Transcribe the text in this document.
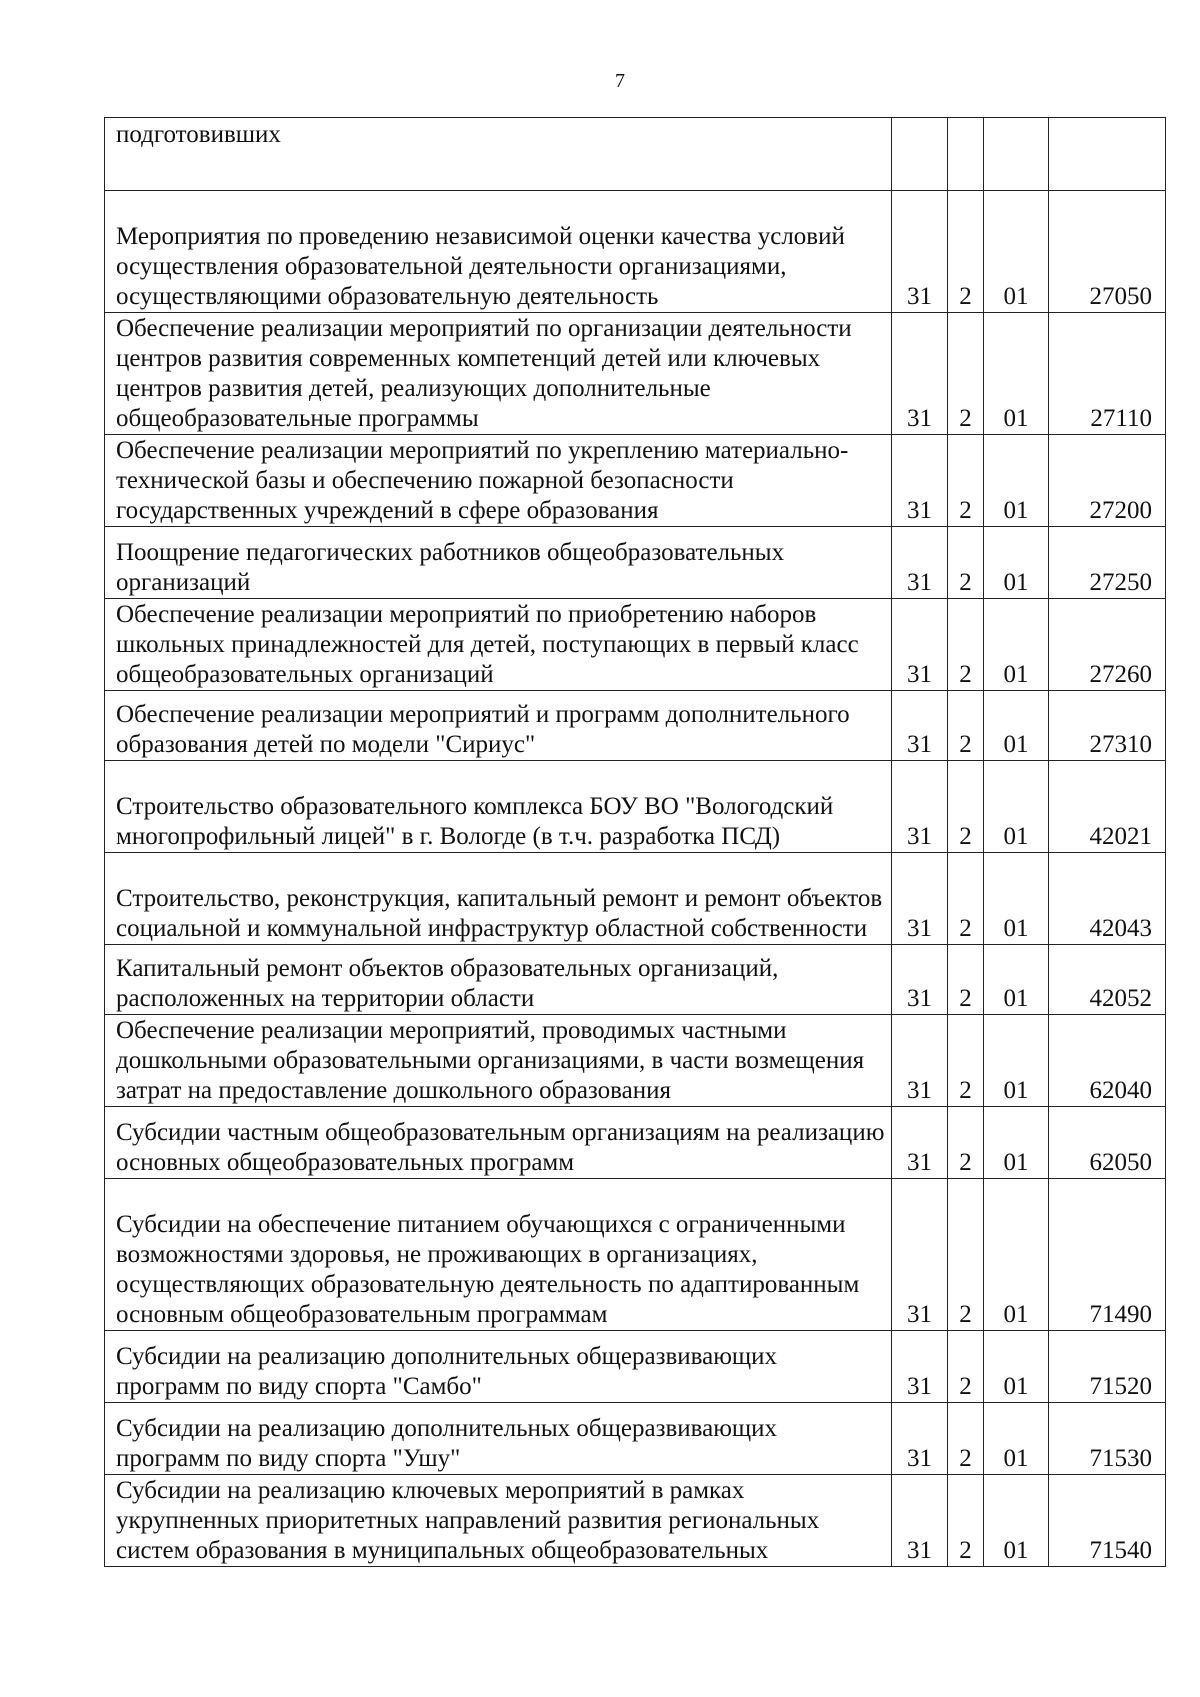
7
подготовивших				
Мероприятия по проведению независимой оценки качества условий осуществления образовательной деятельности организациями, осуществляющими образовательную деятельность	31	2	01	27050
Обеспечение реализации мероприятий по организации деятельности центров развития современных компетенций детей или ключевых центров развития детей, реализующих дополнительные общеобразовательные программы	31	2	01	27110
Обеспечение реализации мероприятий по укреплению материально-технической базы и обеспечению пожарной безопасности государственных учреждений в сфере образования	31	2	01	27200
Поощрение педагогических работников общеобразовательных организаций	31	2	01	27250
Обеспечение реализации мероприятий по приобретению наборов школьных принадлежностей для детей, поступающих в первый класс общеобразовательных организаций	31	2	01	27260
Обеспечение реализации мероприятий и программ дополнительного образования детей по модели "Сириус"	31	2	01	27310
Строительство образовательного комплекса БОУ ВО "Вологодский многопрофильный лицей" в г. Вологде (в т.ч. разработка ПСД)	31	2	01	42021
Строительство, реконструкция, капитальный ремонт и ремонт объектов социальной и коммунальной инфраструктур областной собственности	31	2	01	42043
Капитальный ремонт объектов образовательных организаций, расположенных на территории области	31	2	01	42052
Обеспечение реализации мероприятий, проводимых частными дошкольными образовательными организациями, в части возмещения затрат на предоставление дошкольного образования	31	2	01	62040
Субсидии частным общеобразовательным организациям на реализацию основных общеобразовательных программ	31	2	01	62050
Субсидии на обеспечение питанием обучающихся с ограниченными возможностями здоровья, не проживающих в организациях, осуществляющих образовательную деятельность по адаптированным основным общеобразовательным программам	31	2	01	71490
Субсидии на реализацию дополнительных общеразвивающих программ по виду спорта "Самбо"	31	2	01	71520
Субсидии на реализацию дополнительных общеразвивающих программ по виду спорта "Ушу"	31	2	01	71530
Субсидии на реализацию ключевых мероприятий в рамках укрупненных приоритетных направлений развития региональных систем образования в муниципальных общеобразовательных	31	2	01	71540
